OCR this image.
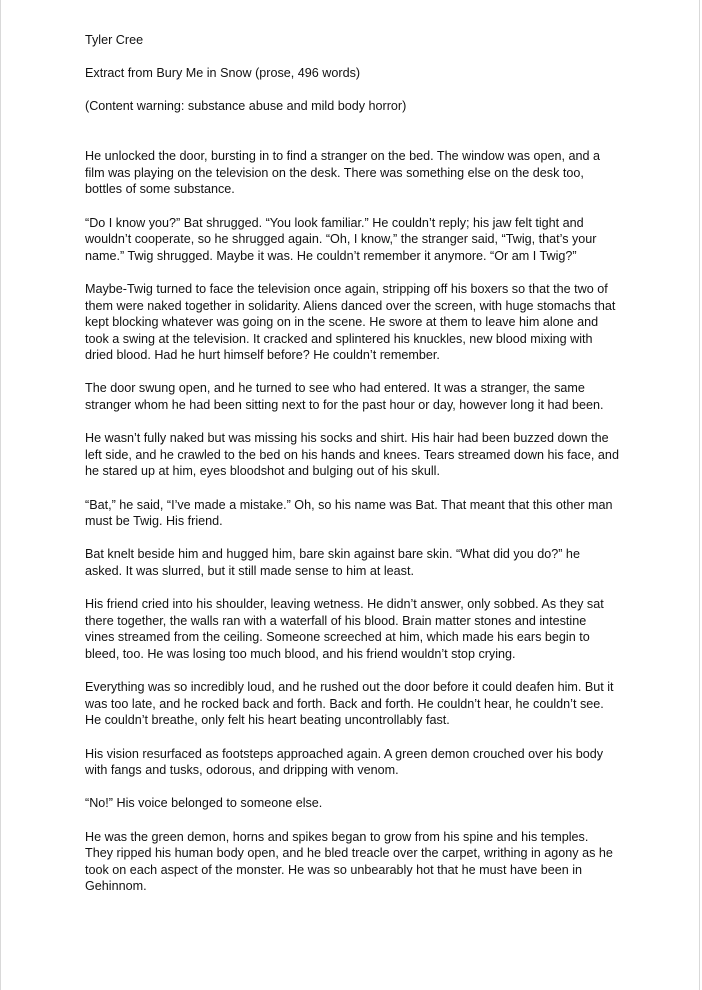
Tyler Cree

Extract from Bury Me in Snow (prose, 496 words)

(Content warning: substance abuse and mild body horror)

He unlocked the door, bursting in to find a stranger on the bed. The window was open, and a film was playing on the television on the desk. There was something else on the desk too, bottles of some substance.

“Do I know you?” Bat shrugged. “You look familiar.” He couldn’t reply; his jaw felt tight and wouldn’t cooperate, so he shrugged again. “Oh, I know,” the stranger said, “Twig, that’s your name.” Twig shrugged. Maybe it was. He couldn’t remember it anymore. “Or am I Twig?”

Maybe-Twig turned to face the television once again, stripping off his boxers so that the two of them were naked together in solidarity. Aliens danced over the screen, with huge stomachs that kept blocking whatever was going on in the scene. He swore at them to leave him alone and took a swing at the television. It cracked and splintered his knuckles, new blood mixing with dried blood. Had he hurt himself before? He couldn’t remember.

The door swung open, and he turned to see who had entered. It was a stranger, the same stranger whom he had been sitting next to for the past hour or day, however long it had been.

He wasn’t fully naked but was missing his socks and shirt. His hair had been buzzed down the left side, and he crawled to the bed on his hands and knees. Tears streamed down his face, and he stared up at him, eyes bloodshot and bulging out of his skull.

“Bat,” he said, “I’ve made a mistake.” Oh, so his name was Bat. That meant that this other man must be Twig. His friend.

Bat knelt beside him and hugged him, bare skin against bare skin. “What did you do?” he asked. It was slurred, but it still made sense to him at least.

His friend cried into his shoulder, leaving wetness. He didn’t answer, only sobbed. As they sat there together, the walls ran with a waterfall of his blood. Brain matter stones and intestine vines streamed from the ceiling. Someone screeched at him, which made his ears begin to bleed, too. He was losing too much blood, and his friend wouldn’t stop crying.

Everything was so incredibly loud, and he rushed out the door before it could deafen him. But it was too late, and he rocked back and forth. Back and forth. He couldn’t hear, he couldn’t see. He couldn’t breathe, only felt his heart beating uncontrollably fast.

His vision resurfaced as footsteps approached again. A green demon crouched over his body with fangs and tusks, odorous, and dripping with venom.

“No!” His voice belonged to someone else.

He was the green demon, horns and spikes began to grow from his spine and his temples. They ripped his human body open, and he bled treacle over the carpet, writhing in agony as he took on each aspect of the monster. He was so unbearably hot that he must have been in Gehinnom.
